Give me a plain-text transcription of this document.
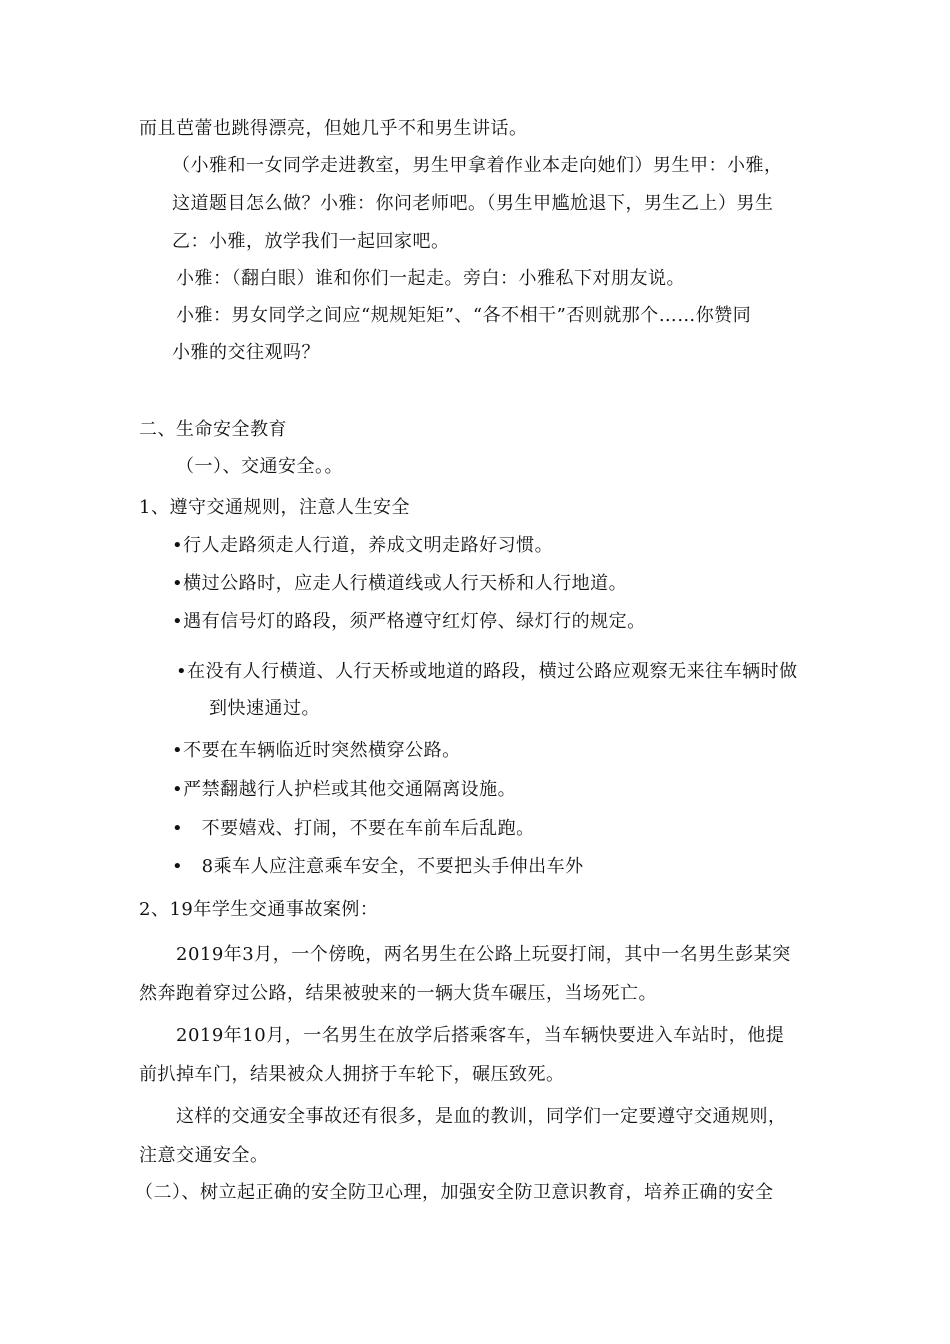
而且芭蕾也跳得漂亮，但她几乎不和男生讲话。
（小雅和一女同学走进教室，男生甲拿着作业本走向她们）男生甲：小雅，
这道题目怎么做？小雅：你问老师吧。（男生甲尴尬退下，男生乙上）男生
乙：小雅，放学我们一起回家吧。
小雅：（翻白眼）谁和你们一起走。旁白：小雅私下对朋友说。
小雅：男女同学之间应“规规矩矩”、“各不相干”否则就那个……你赞同
小雅的交往观吗？
二、生命安全教育
（一）、交通安全。。
1、遵守交通规则，注意人生安全
•行人走路须走人行道，养成文明走路好习惯。
•横过公路时，应走人行横道线或人行天桥和人行地道。
•遇有信号灯的路段，须严格遵守红灯停、绿灯行的规定。
•在没有人行横道、人行天桥或地道的路段，横过公路应观察无来往车辆时做
到快速通过。
•不要在车辆临近时突然横穿公路。
•严禁翻越行人护栏或其他交通隔离设施。
•　不要嬉戏、打闹，不要在车前车后乱跑。
•　8乘车人应注意乘车安全，不要把头手伸出车外
2、19年学生交通事故案例：
2019年3月，一个傍晚，两名男生在公路上玩耍打闹，其中一名男生彭某突
然奔跑着穿过公路，结果被驶来的一辆大货车碾压，当场死亡。
2019年10月，一名男生在放学后搭乘客车，当车辆快要进入车站时，他提
前扒掉车门，结果被众人拥挤于车轮下，碾压致死。
这样的交通安全事故还有很多，是血的教训，同学们一定要遵守交通规则，
注意交通安全。
（二）、树立起正确的安全防卫心理，加强安全防卫意识教育，培养正确的安全
